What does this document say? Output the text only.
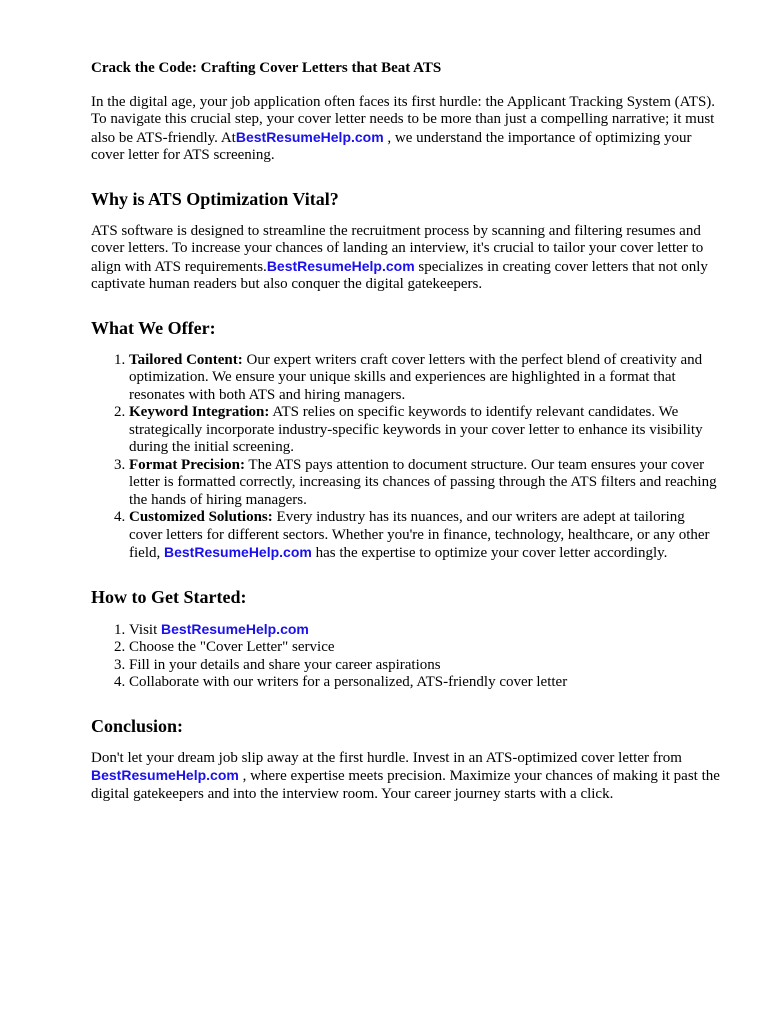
Crack the Code: Crafting Cover Letters that Beat ATS

In the digital age, your job application often faces its first hurdle: the Applicant Tracking System (ATS). To navigate this crucial step, your cover letter needs to be more than just a compelling narrative; it must also be ATS-friendly. AtBestResumeHelp.com , we understand the importance of optimizing your cover letter for ATS screening.

Why is ATS Optimization Vital?

ATS software is designed to streamline the recruitment process by scanning and filtering resumes and cover letters. To increase your chances of landing an interview, it's crucial to tailor your cover letter to align with ATS requirements.BestResumeHelp.com specializes in creating cover letters that not only captivate human readers but also conquer the digital gatekeepers.

What We Offer:
1. Tailored Content: Our expert writers craft cover letters with the perfect blend of creativity and optimization. We ensure your unique skills and experiences are highlighted in a format that resonates with both ATS and hiring managers.
2. Keyword Integration: ATS relies on specific keywords to identify relevant candidates. We strategically incorporate industry-specific keywords in your cover letter to enhance its visibility during the initial screening.
3. Format Precision: The ATS pays attention to document structure. Our team ensures your cover letter is formatted correctly, increasing its chances of passing through the ATS filters and reaching the hands of hiring managers.
4. Customized Solutions: Every industry has its nuances, and our writers are adept at tailoring cover letters for different sectors. Whether you're in finance, technology, healthcare, or any other field, BestResumeHelp.com has the expertise to optimize your cover letter accordingly.
How to Get Started:
1. Visit BestResumeHelp.com
2. Choose the "Cover Letter" service
3. Fill in your details and share your career aspirations
4. Collaborate with our writers for a personalized, ATS-friendly cover letter
Conclusion:

Don't let your dream job slip away at the first hurdle. Invest in an ATS-optimized cover letter from BestResumeHelp.com , where expertise meets precision. Maximize your chances of making it past the digital gatekeepers and into the interview room. Your career journey starts with a click.
